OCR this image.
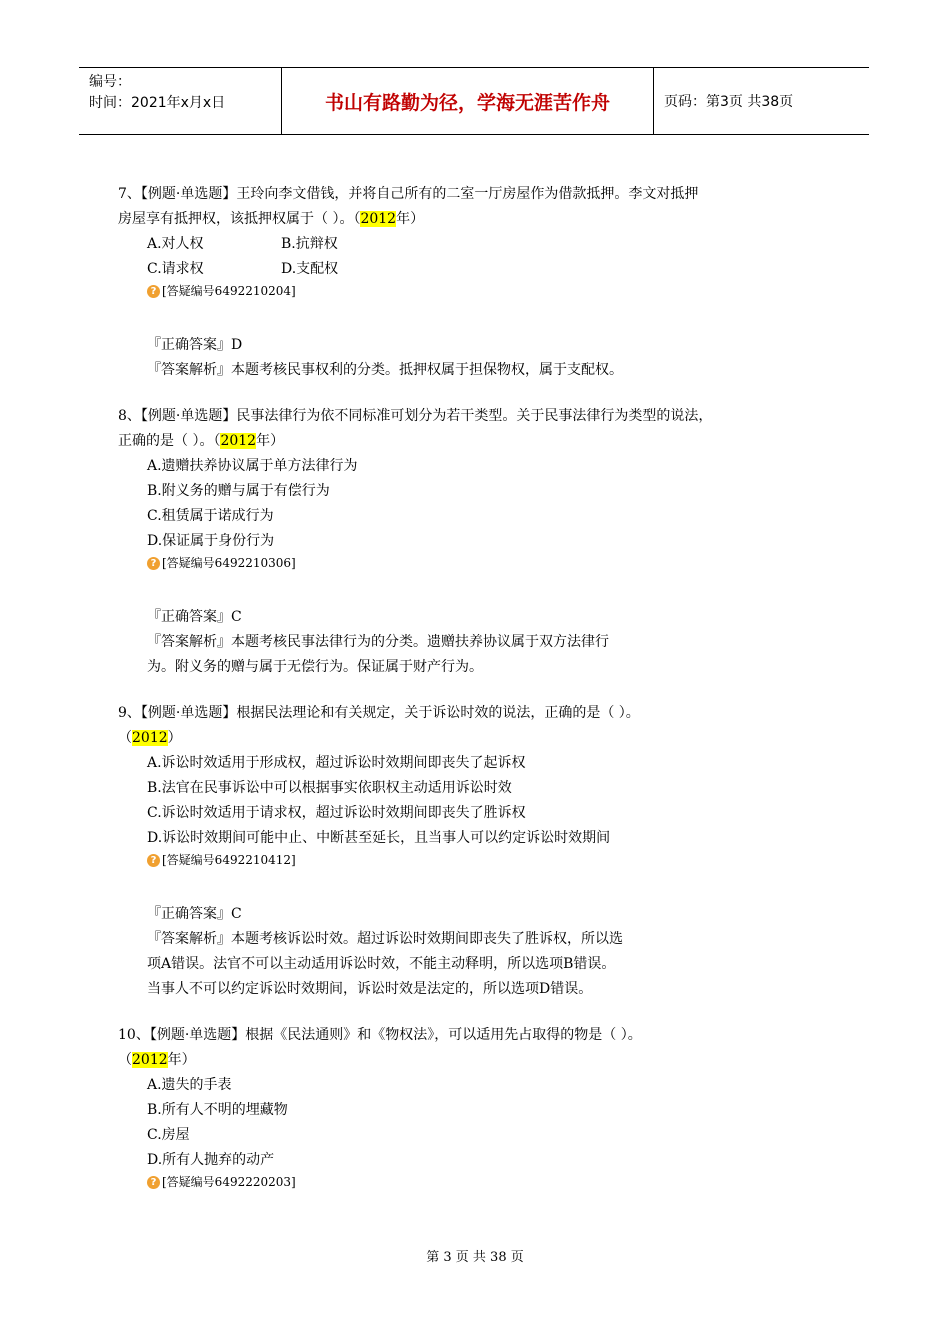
编号：
时间：2021年x月x日	书山有路勤为径，学海无涯苦作舟	页码：第3页 共38页
7、【例题·单选题】王玲向李文借钱，并将自己所有的二室一厅房屋作为借款抵押。李文对抵押
房屋享有抵押权，该抵押权属于（ ）。（2012年）
A.对人权	B.抗辩权
C.请求权	D.支配权
? [答疑编号6492210204]
『正确答案』D
『答案解析』本题考核民事权利的分类。抵押权属于担保物权，属于支配权。
8、【例题·单选题】民事法律行为依不同标准可划分为若干类型。关于民事法律行为类型的说法，
正确的是（ ）。（2012年）
A.遗赠扶养协议属于单方法律行为
B.附义务的赠与属于有偿行为
C.租赁属于诺成行为
D.保证属于身份行为
? [答疑编号6492210306]
『正确答案』C
『答案解析』本题考核民事法律行为的分类。遗赠扶养协议属于双方法律行
为。附义务的赠与属于无偿行为。保证属于财产行为。
9、【例题·单选题】根据民法理论和有关规定，关于诉讼时效的说法，正确的是（ ）。
（2012）
A.诉讼时效适用于形成权，超过诉讼时效期间即丧失了起诉权
B.法官在民事诉讼中可以根据事实依职权主动适用诉讼时效
C.诉讼时效适用于请求权，超过诉讼时效期间即丧失了胜诉权
D.诉讼时效期间可能中止、中断甚至延长，且当事人可以约定诉讼时效期间
? [答疑编号6492210412]
『正确答案』C
『答案解析』本题考核诉讼时效。超过诉讼时效期间即丧失了胜诉权，所以选
项A错误。法官不可以主动适用诉讼时效，不能主动释明，所以选项B错误。
当事人不可以约定诉讼时效期间，诉讼时效是法定的，所以选项D错误。
10、【例题·单选题】根据《民法通则》和《物权法》，可以适用先占取得的物是（ ）。
（2012年）
A.遗失的手表
B.所有人不明的埋藏物
C.房屋
D.所有人抛弃的动产
? [答疑编号6492220203]
第 3 页 共 38 页
